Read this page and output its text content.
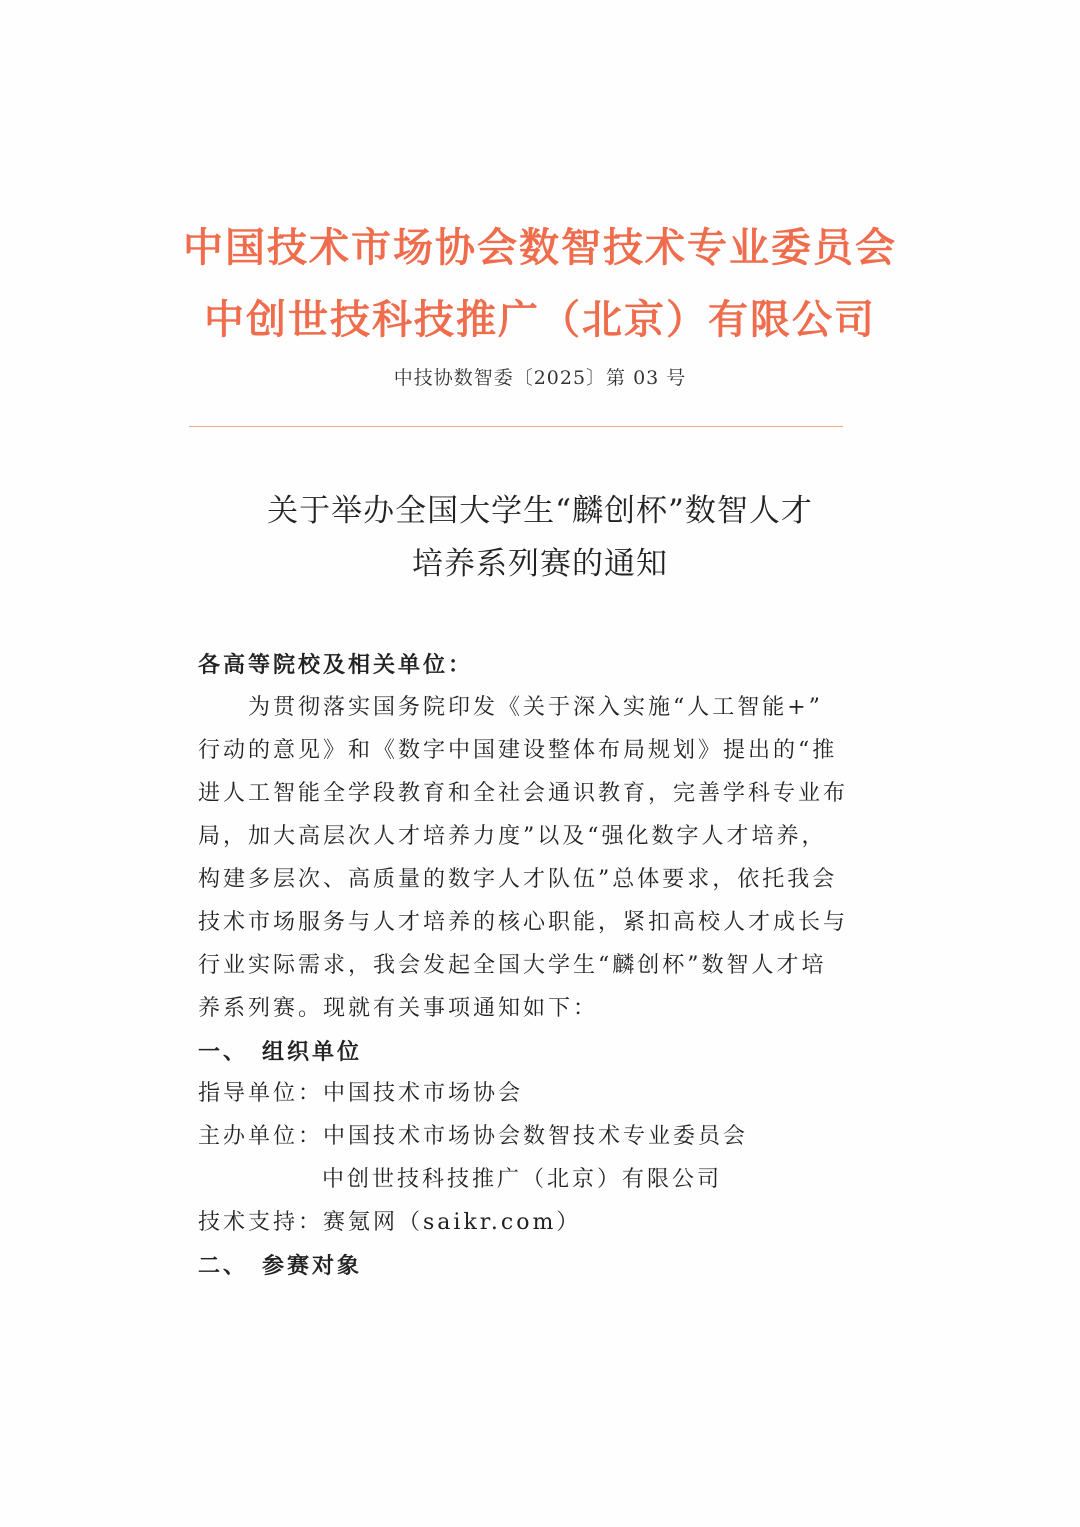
中国技术市场协会数智技术专业委员会
中创世技科技推广（北京）有限公司
中技协数智委〔2025〕第 03 号
关于举办全国大学生“麟创杯”数智人才
培养系列赛的通知
各高等院校及相关单位：
为贯彻落实国务院印发《关于深入实施“人工智能+”
行动的意见》和《数字中国建设整体布局规划》提出的“推
进人工智能全学段教育和全社会通识教育，完善学科专业布
局，加大高层次人才培养力度”以及“强化数字人才培养，
构建多层次、高质量的数字人才队伍”总体要求，依托我会
技术市场服务与人才培养的核心职能，紧扣高校人才成长与
行业实际需求，我会发起全国大学生“麟创杯”数智人才培
养系列赛。现就有关事项通知如下：
一、 组织单位
指导单位：中国技术市场协会
主办单位：中国技术市场协会数智技术专业委员会
中创世技科技推广（北京）有限公司
技术支持：赛氪网（saikr.com）
二、 参赛对象
